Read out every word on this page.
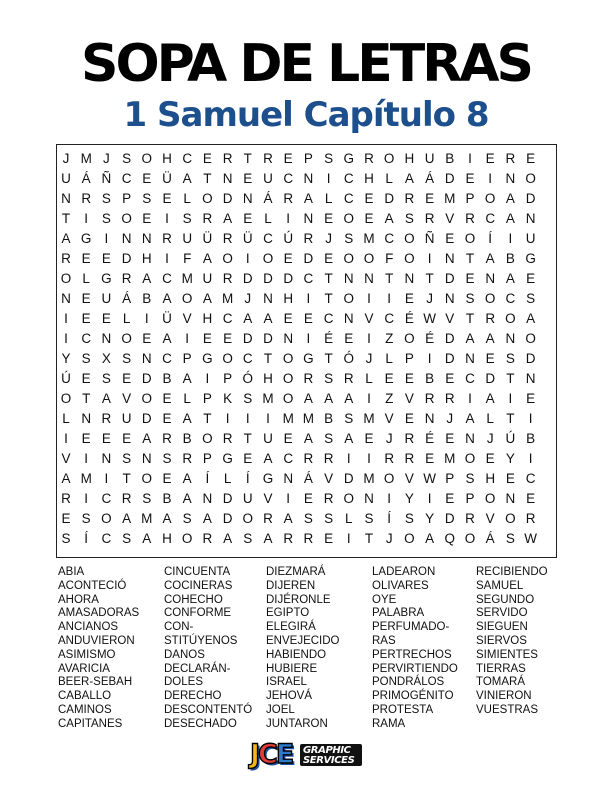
SOPA DE LETRAS
1 Samuel Capítulo 8
J M J S O H C E R T R E P S G R O H U B	I	E R E
U Á Ñ C E Ü A T N E U C N I C H L A Á D E	I N O
N R S P S E L O D N Á R A L C E D R E M P O A D
T	I	S O E	I	S R A E L	I N E O E A S R V R C A N
A G I N N R U Ü R Ü C Ú R J S M C O Ñ E O Í	I U
R E E D H I	F A O I O E D E O O F O I N T A B G
O L G R A C M U R D D D C T N N T N T D E N A E
N E U Á B A O A M J N H I	T O I	I	E J N S O C S
I	E E L	I Ü V H C A A E E C N V C É W V T R O A
I C N O E A	I	E E D D N I	É E	I	Z O É D A A N O
Y S X S N C P G O C T O G T Ó J L P	I D N E S D
Ú E S E D B A	I	P Ó H O R S R L E E B E C D T N
O T A V O E L P K S M O A A A	I	Z V R R I	A	I	E
L N R U D E A T	I	I	I M M B S M V E N J A L T	I
I	E E E A R B O R T U E A S A E J R É E N J Ú B
V	I N S N S R P G E A C R R I	I R R E M O E Y	I
A M I	T O E A	Í	L	Í G N Á V D M O V W P S H E C
R I C R S B A N D U V	I	E R O N I	Y	I	E P O N E
E S O A M A S A D O R A S S L S	Í	S Y D R V O R
S	Í C S A H O R A S A R R E	I	T J O A Q O Á S W
ABIA
ACONTECIÓ
AHORA
AMASADORAS
ANCIANOS
ANDUVIERON
ASIMISMO
AVARICIA
BEER-SEBAH
CABALLO
CAMINOS
CAPITANES
CINCUENTA
COCINERAS
COHECHO
CONFORME
CON-
STITÚYENOS
DANOS
DECLARÁN-
DOLES
DERECHO
DESCONTENTÓ
DESECHADO
DIEZMARÁ
DIJEREN
DIJÉRONLE
EGIPTO
ELEGIRÁ
ENVEJECIDO
HABIENDO
HUBIERE
ISRAEL
JEHOVÁ
JOEL
JUNTARON
LADEARON
OLIVARES
OYE
PALABRA
PERFUMADO-
RAS
PERTRECHOS
PERVIRTIENDO
PONDRÁLOS
PRIMOGÉNITO
PROTESTA
RAMA
RECIBIENDO
SAMUEL
SEGUNDO
SERVIDO
SIEGUEN
SIERVOS
SIMIENTES
TIERRAS
TOMARÁ
VINIERON
VUESTRAS
JCE GRAPHIC
SERVICES
